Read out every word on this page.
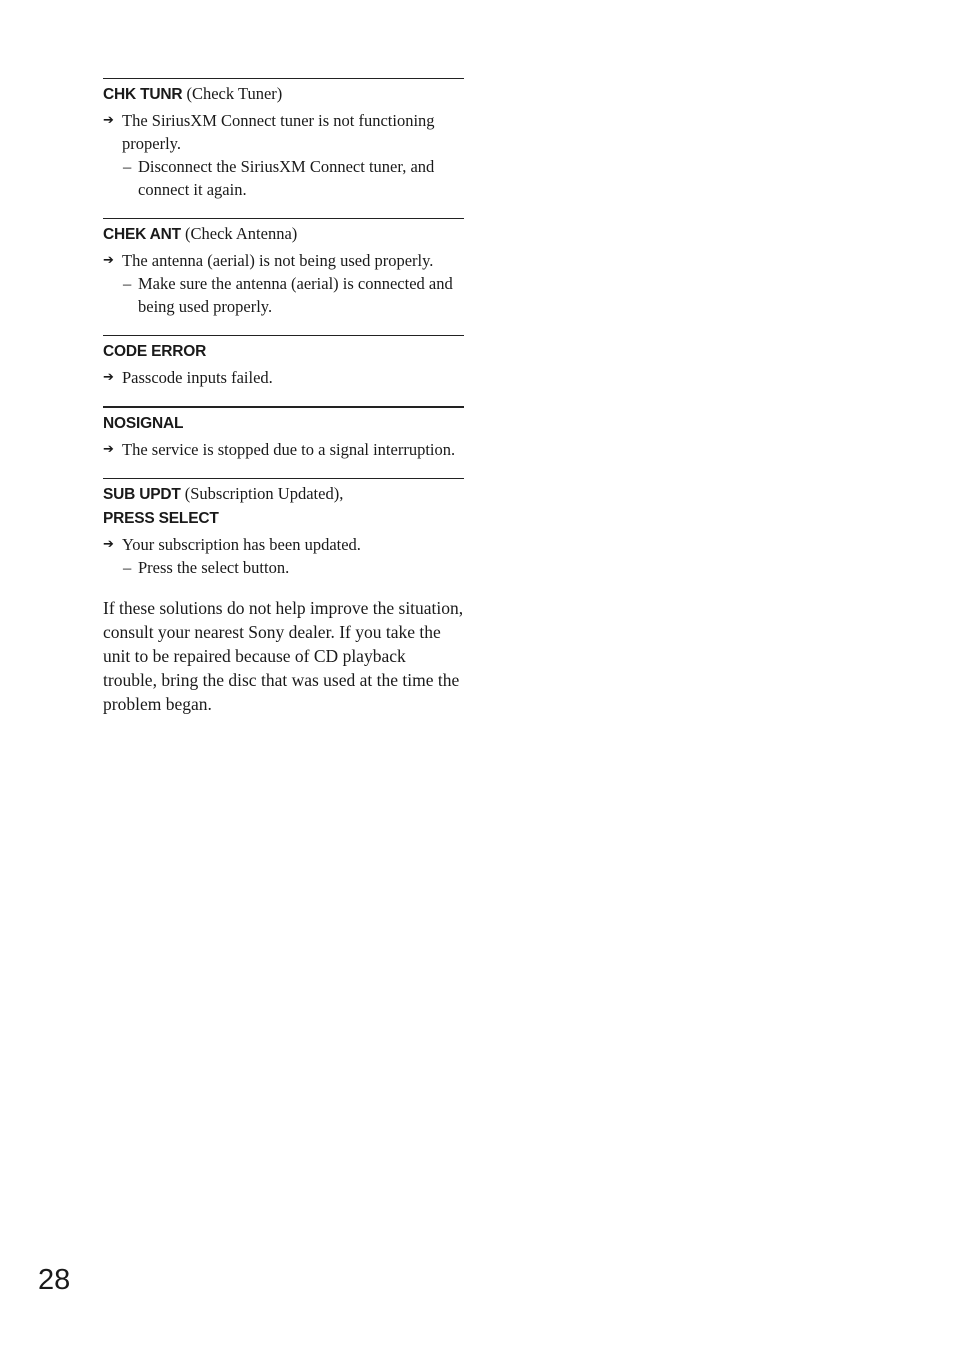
CHK TUNR (Check Tuner)
➔ The SiriusXM Connect tuner is not functioning properly.
– Disconnect the SiriusXM Connect tuner, and connect it again.
CHEK ANT (Check Antenna)
➔ The antenna (aerial) is not being used properly.
– Make sure the antenna (aerial) is connected and being used properly.
CODE ERROR
➔ Passcode inputs failed.
NOSIGNAL
➔ The service is stopped due to a signal interruption.
SUB UPDT (Subscription Updated),
PRESS SELECT
➔ Your subscription has been updated.
– Press the select button.

If these solutions do not help improve the situation, consult your nearest Sony dealer. If you take the unit to be repaired because of CD playback trouble, bring the disc that was used at the time the problem began.

28
